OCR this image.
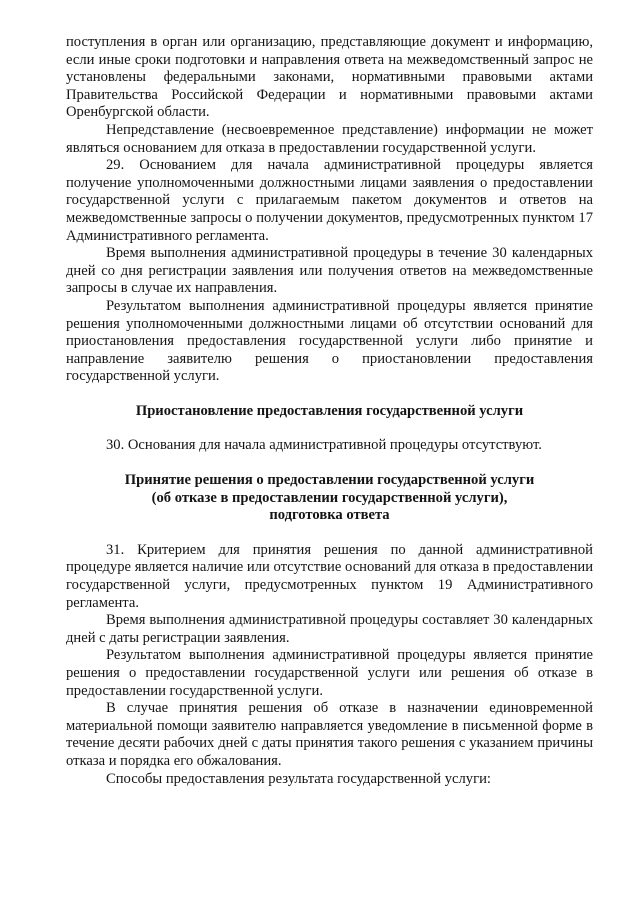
поступления в орган или организацию, представляющие документ и информацию, если иные сроки подготовки и направления ответа на межведомственный запрос не установлены федеральными законами, нормативными правовыми актами Правительства Российской Федерации и нормативными правовыми актами Оренбургской области.

Непредставление (несвоевременное представление) информации не может являться основанием для отказа в предоставлении государственной услуги.

29. Основанием для начала административной процедуры является получение уполномоченными должностными лицами заявления о предоставлении государственной услуги с прилагаемым пакетом документов и ответов на межведомственные запросы о получении документов, предусмотренных пунктом 17 Административного регламента.

Время выполнения административной процедуры в течение 30 календарных дней со дня регистрации заявления или получения ответов на межведомственные запросы в случае их направления.

Результатом выполнения административной процедуры является принятие решения уполномоченными должностными лицами об отсутствии оснований для приостановления предоставления государственной услуги либо принятие и направление заявителю решения о приостановлении предоставления государственной услуги.

Приостановление предоставления государственной услуги

30. Основания для начала административной процедуры отсутствуют.

Принятие решения о предоставлении государственной услуги
(об отказе в предоставлении государственной услуги),
подготовка ответа

31. Критерием для принятия решения по данной административной процедуре является наличие или отсутствие оснований для отказа в предоставлении государственной услуги, предусмотренных пунктом 19 Административного регламента.

Время выполнения административной процедуры составляет 30 календарных дней с даты регистрации заявления.

Результатом выполнения административной процедуры является принятие решения о предоставлении государственной услуги или решения об отказе в предоставлении государственной услуги.

В случае принятия решения об отказе в назначении единовременной материальной помощи заявителю направляется уведомление в письменной форме в течение десяти рабочих дней с даты принятия такого решения с указанием причины отказа и порядка его обжалования.

Способы предоставления результата государственной услуги:
